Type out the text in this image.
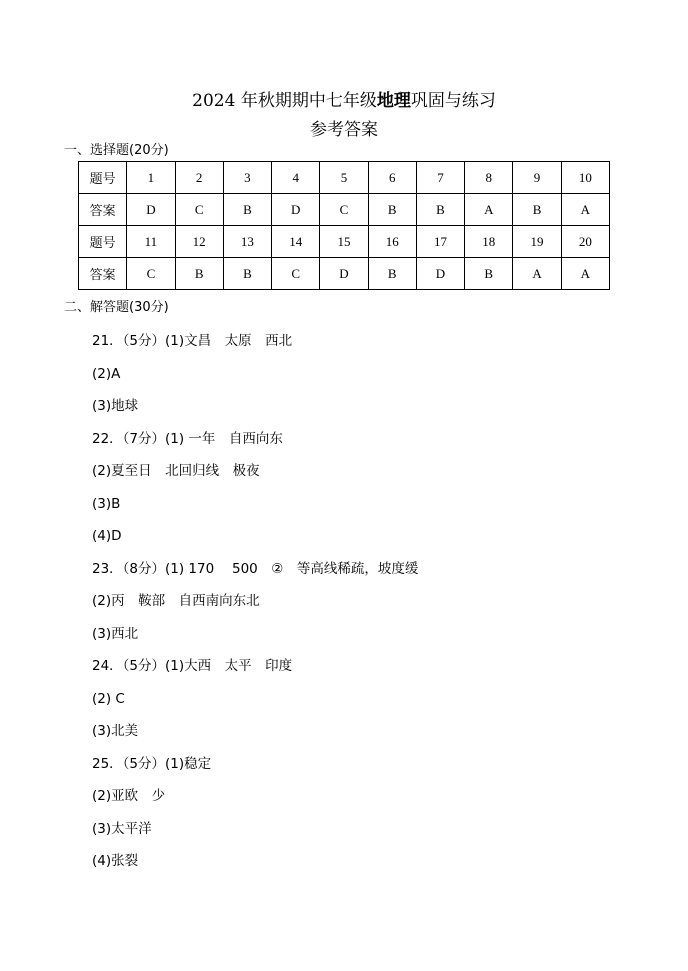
2024 年秋期期中七年级地理巩固与练习
参考答案
一、选择题(20分)
题号	1	2	3	4	5	6	7	8	9	10
答案	D	C	B	D	C	B	B	A	B	A
题号	11	12	13	14	15	16	17	18	19	20
答案	C	B	B	C	D	B	D	B	A	A
二、解答题(30分)
21．（5分）(1)文昌　太原　西北
(2)A
(3)地球
22．（7分）(1) 一年　自西向东
(2)夏至日　北回归线　极夜
(3)B
(4)D
23．（8分）(1) 170　 500　②　等高线稀疏，坡度缓
(2)丙　鞍部　自西南向东北
(3)西北
24．（5分）(1)大西　太平　印度
(2) C
(3)北美
25．（5分）(1)稳定
(2)亚欧　少
(3)太平洋
(4)张裂
